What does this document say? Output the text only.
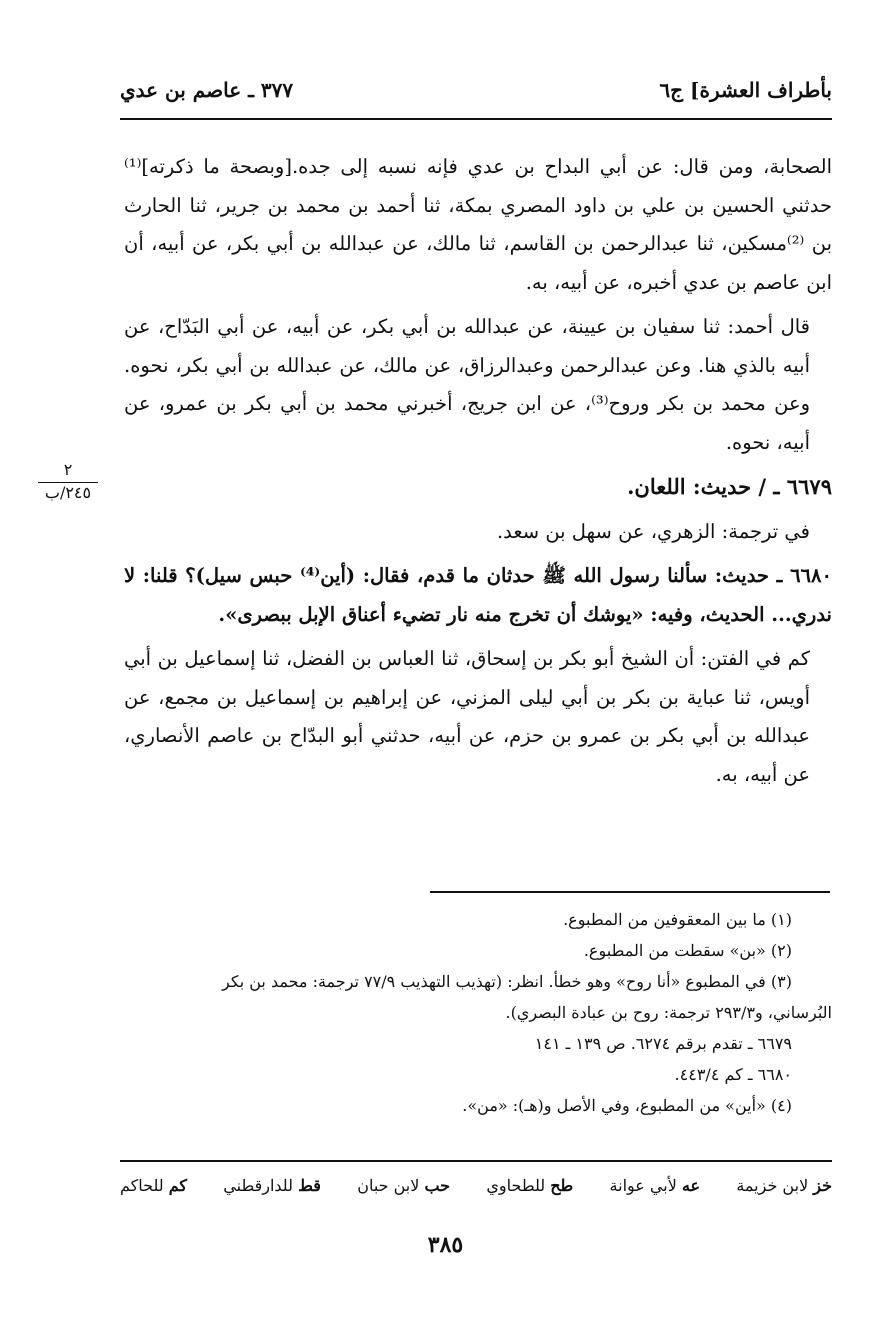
بأطراف العشرة] ج٦
٣٧٧ ـ عاصم بن عدي

الصحابة، ومن قال: عن أبي البداح بن عدي فإنه نسبه إلى جده.[وبصحة ما ذكرته]⁽¹⁾ حدثني الحسين بن علي بن داود المصري بمكة، ثنا أحمد بن محمد بن جرير، ثنا الحارث بن ⁽²⁾مسكين، ثنا عبدالرحمن بن القاسم، ثنا مالك، عن عبدالله بن أبي بكر، عن أبيه، أن ابن عاصم بن عدي أخبره، عن أبيه، به.

قال أحمد: ثنا سفيان بن عيينة، عن عبدالله بن أبي بكر، عن أبيه، عن أبي البَدّاح، عن أبيه بالذي هنا. وعن عبدالرحمن وعبدالرزاق، عن مالك، عن عبدالله بن أبي بكر، نحوه. وعن محمد بن بكر وروح⁽³⁾، عن ابن جريج، أخبرني محمد بن أبي بكر بن عمرو، عن أبيه، نحوه.

٦٦٧٩ ـ / حديث: اللعان.

في ترجمة: الزهري، عن سهل بن سعد.

٦٦٨٠ ـ حديث: سألنا رسول الله ﷺ حدثان ما قدم، فقال: (أين⁽⁴⁾ حبس سيل)؟ قلنا: لا ندري... الحديث، وفيه: «يوشك أن تخرج منه نار تضيء أعناق الإبل ببصرى».

كم في الفتن: أن الشيخ أبو بكر بن إسحاق، ثنا العباس بن الفضل، ثنا إسماعيل بن أبي أويس، ثنا عباية بن بكر بن أبي ليلى المزني، عن إبراهيم بن إسماعيل بن مجمع، عن عبدالله بن أبي بكر بن عمرو بن حزم، عن أبيه، حدثني أبو البدّاح بن عاصم الأنصاري، عن أبيه، به.

٢
٢٤٥/ب
(١) ما بين المعقوفين من المطبوع.
(٢) «بن» سقطت من المطبوع.
(٣) في المطبوع «أنا روح» وهو خطأ. انظر: (تهذيب التهذيب ٧٧/٩ ترجمة: محمد بن بكر
البُرساني، و٢٩٣/٣ ترجمة: روح بن عبادة البصري).
٦٦٧٩ ـ تقدم برقم ٦٢٧٤. ص ١٣٩ ـ ١٤١
٦٦٨٠ ـ كم ٤٤٣/٤.
(٤) «أين» من المطبوع، وفي الأصل و(هـ): «من».
خز لابن خزيمة
عه لأبي عوانة
طح للطحاوي
حب لابن حبان
قط للدارقطني
كم للحاكم
٣٨٥
